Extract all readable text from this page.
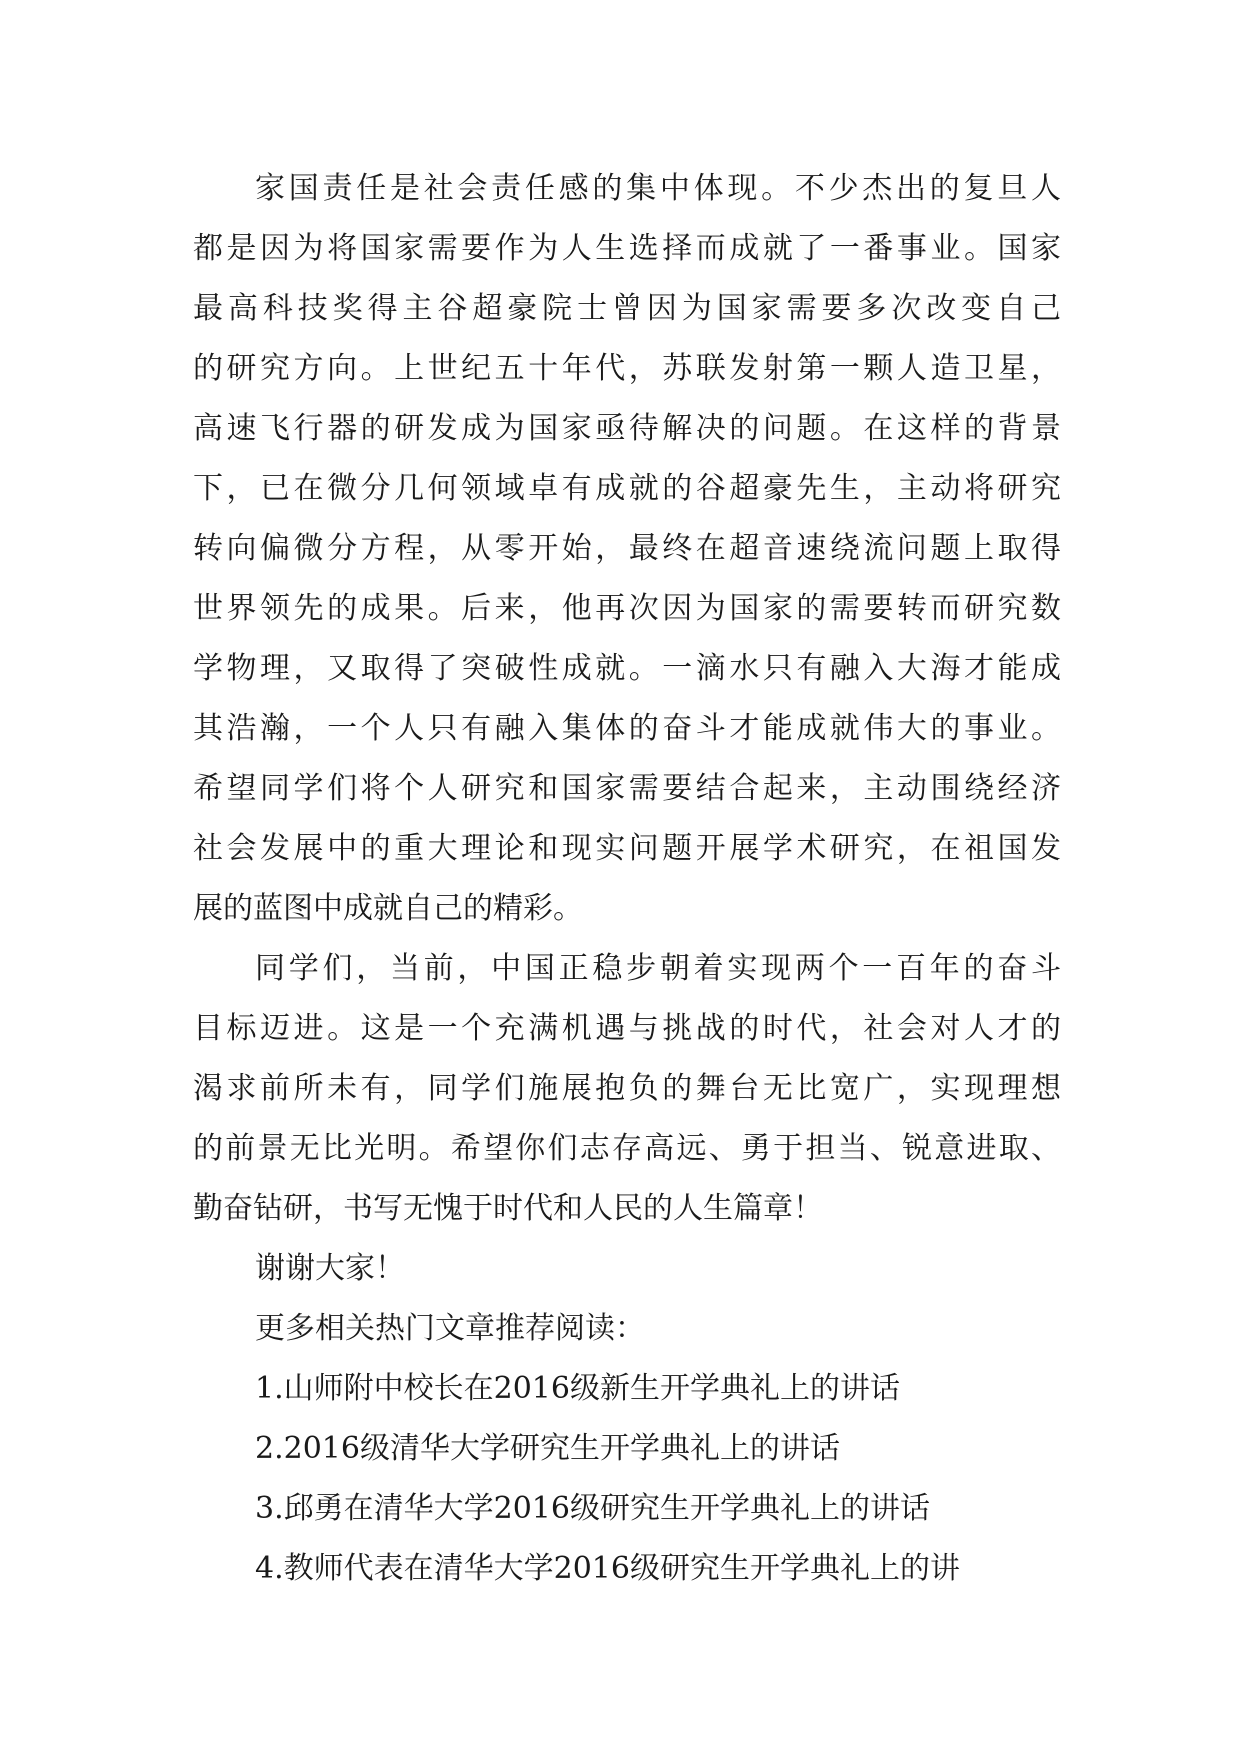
家国责任是社会责任感的集中体现。不少杰出的复旦人
都是因为将国家需要作为人生选择而成就了一番事业。国家
最高科技奖得主谷超豪院士曾因为国家需要多次改变自己
的研究方向。上世纪五十年代，苏联发射第一颗人造卫星，
高速飞行器的研发成为国家亟待解决的问题。在这样的背景
下，已在微分几何领域卓有成就的谷超豪先生，主动将研究
转向偏微分方程，从零开始，最终在超音速绕流问题上取得
世界领先的成果。后来，他再次因为国家的需要转而研究数
学物理，又取得了突破性成就。一滴水只有融入大海才能成
其浩瀚，一个人只有融入集体的奋斗才能成就伟大的事业。
希望同学们将个人研究和国家需要结合起来，主动围绕经济
社会发展中的重大理论和现实问题开展学术研究，在祖国发
展的蓝图中成就自己的精彩。
同学们，当前，中国正稳步朝着实现两个一百年的奋斗
目标迈进。这是一个充满机遇与挑战的时代，社会对人才的
渴求前所未有，同学们施展抱负的舞台无比宽广，实现理想
的前景无比光明。希望你们志存高远、勇于担当、锐意进取、
勤奋钻研，书写无愧于时代和人民的人生篇章！
谢谢大家！
更多相关热门文章推荐阅读：
1.山师附中校长在2016级新生开学典礼上的讲话
2.2016级清华大学研究生开学典礼上的讲话
3.邱勇在清华大学2016级研究生开学典礼上的讲话
4.教师代表在清华大学2016级研究生开学典礼上的讲
